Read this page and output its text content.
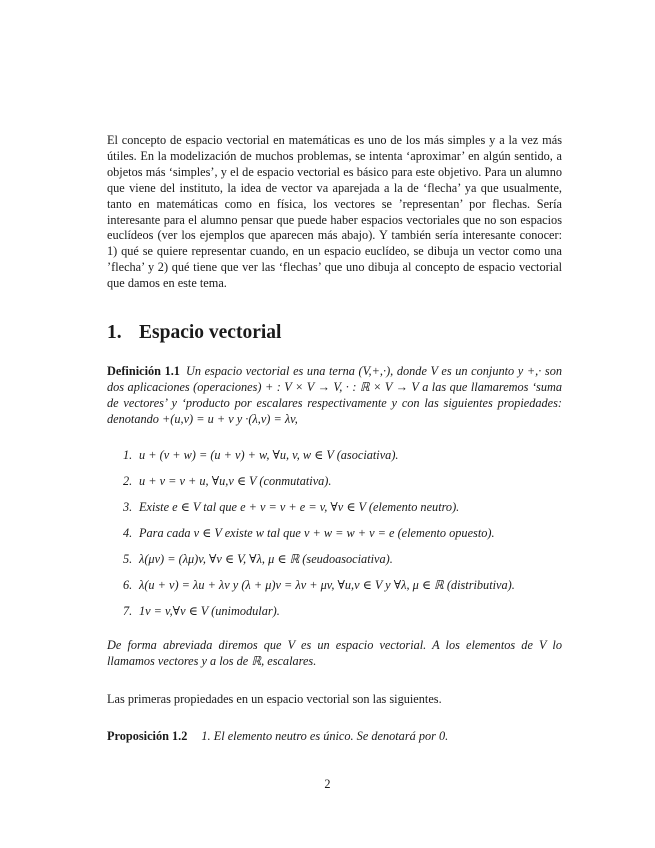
El concepto de espacio vectorial en matemáticas es uno de los más simples y a la vez más útiles. En la modelización de muchos problemas, se intenta ‘aproximar’ en algún sentido, a objetos más ‘simples’, y el de espacio vectorial es básico para este objetivo. Para un alumno que viene del instituto, la idea de vector va aparejada a la de ‘flecha’ ya que usualmente, tanto en matemáticas como en física, los vectores se ’representan’ por flechas. Sería interesante para el alumno pensar que puede haber espacios vectoriales que no son espacios euclídeos (ver los ejemplos que aparecen más abajo). Y también sería interesante conocer: 1) qué se quiere representar cuando, en un espacio euclídeo, se dibuja un vector como una ’flecha’ y 2) qué tiene que ver las ‘flechas’ que uno dibuja al concepto de espacio vectorial que damos en este tema.

1. Espacio vectorial

Definición 1.1 Un espacio vectorial es una terna (V,+,·), donde V es un conjunto y +,· son dos aplicaciones (operaciones) + : V × V → V, · : ℝ × V → V a las que llamaremos ‘suma de vectores’ y ‘producto por escalares respectivamente y con las siguientes propiedades: denotando +(u,v) = u + v y ·(λ,v) = λv,

1. u + (v + w) = (u + v) + w, ∀u, v, w ∈ V (asociativa).
2. u + v = v + u, ∀u,v ∈ V (conmutativa).
3. Existe e ∈ V tal que e + v = v + e = v, ∀v ∈ V (elemento neutro).
4. Para cada v ∈ V existe w tal que v + w = w + v = e (elemento opuesto).
5. λ(μv) = (λμ)v, ∀v ∈ V, ∀λ, μ ∈ ℝ (seudoasociativa).
6. λ(u + v) = λu + λv y (λ + μ)v = λv + μv, ∀u,v ∈ V y ∀λ, μ ∈ ℝ (distributiva).
7. 1v = v,∀v ∈ V (unimodular).

De forma abreviada diremos que V es un espacio vectorial. A los elementos de V lo llamamos vectores y a los de ℝ, escalares.

Las primeras propiedades en un espacio vectorial son las siguientes.

Proposición 1.2 1. El elemento neutro es único. Se denotará por 0.

2
